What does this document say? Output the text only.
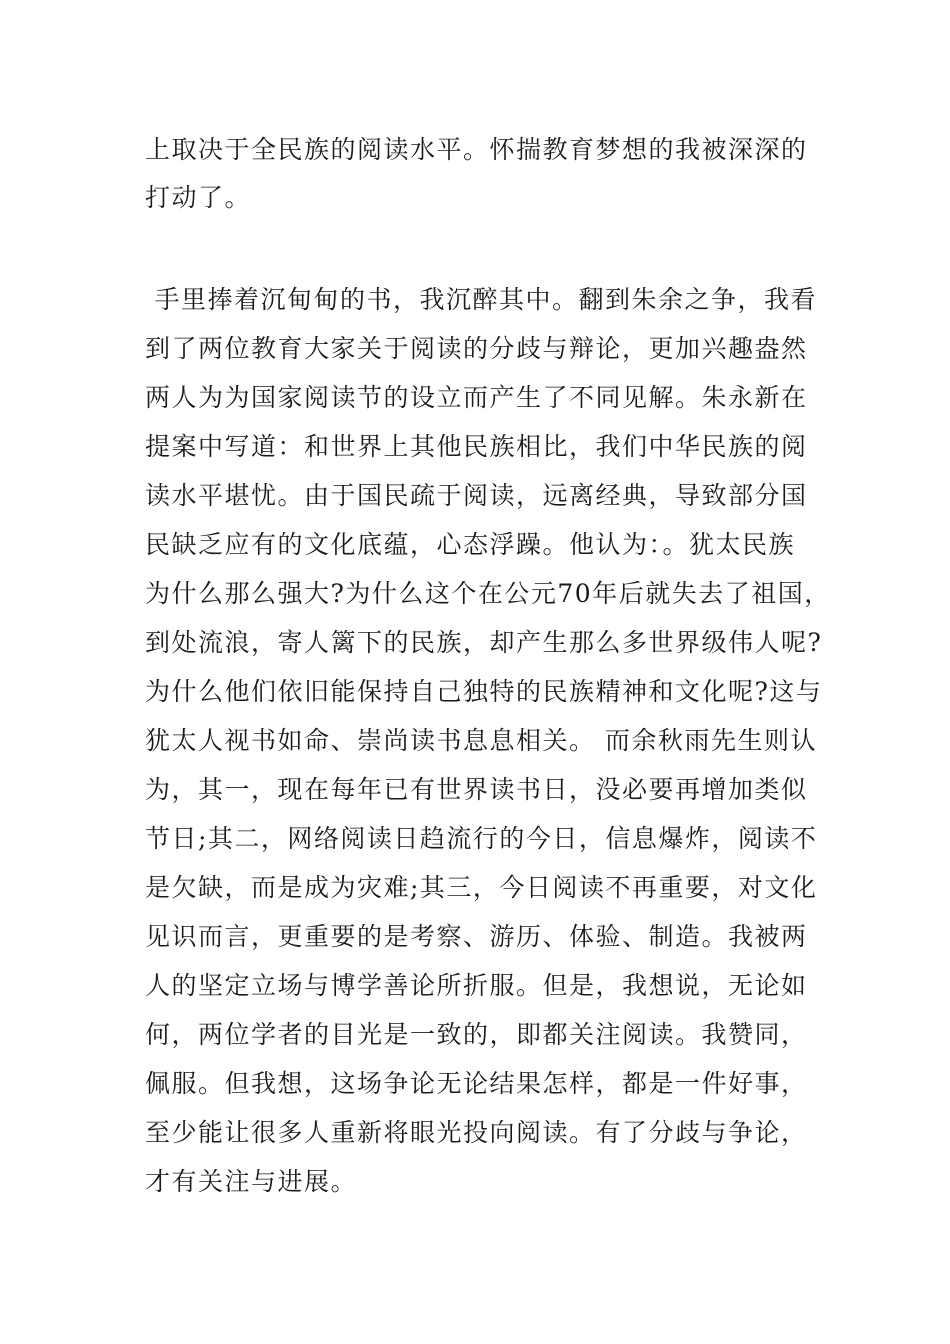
上取决于全民族的阅读水平。怀揣教育梦想的我被深深的

打动了。

手里捧着沉甸甸的书，我沉醉其中。翻到朱余之争，我看

到了两位教育大家关于阅读的分歧与辩论，更加兴趣盎然

两人为为国家阅读节的设立而产生了不同见解。朱永新在

提案中写道：和世界上其他民族相比，我们中华民族的阅

读水平堪忧。由于国民疏于阅读，远离经典，导致部分国

民缺乏应有的文化底蕴，心态浮躁。他认为：。犹太民族

为什么那么强大?为什么这个在公元70年后就失去了祖国，

到处流浪，寄人篱下的民族，却产生那么多世界级伟人呢?

为什么他们依旧能保持自己独特的民族精神和文化呢?这与

犹太人视书如命、崇尚读书息息相关。 而余秋雨先生则认

为，其一，现在每年已有世界读书日，没必要再增加类似

节日;其二，网络阅读日趋流行的今日，信息爆炸，阅读不

是欠缺，而是成为灾难;其三，今日阅读不再重要，对文化

见识而言，更重要的是考察、游历、体验、制造。我被两

人的坚定立场与博学善论所折服。但是，我想说，无论如

何，两位学者的目光是一致的，即都关注阅读。我赞同，

佩服。但我想，这场争论无论结果怎样，都是一件好事，

至少能让很多人重新将眼光投向阅读。有了分歧与争论，

才有关注与进展。
